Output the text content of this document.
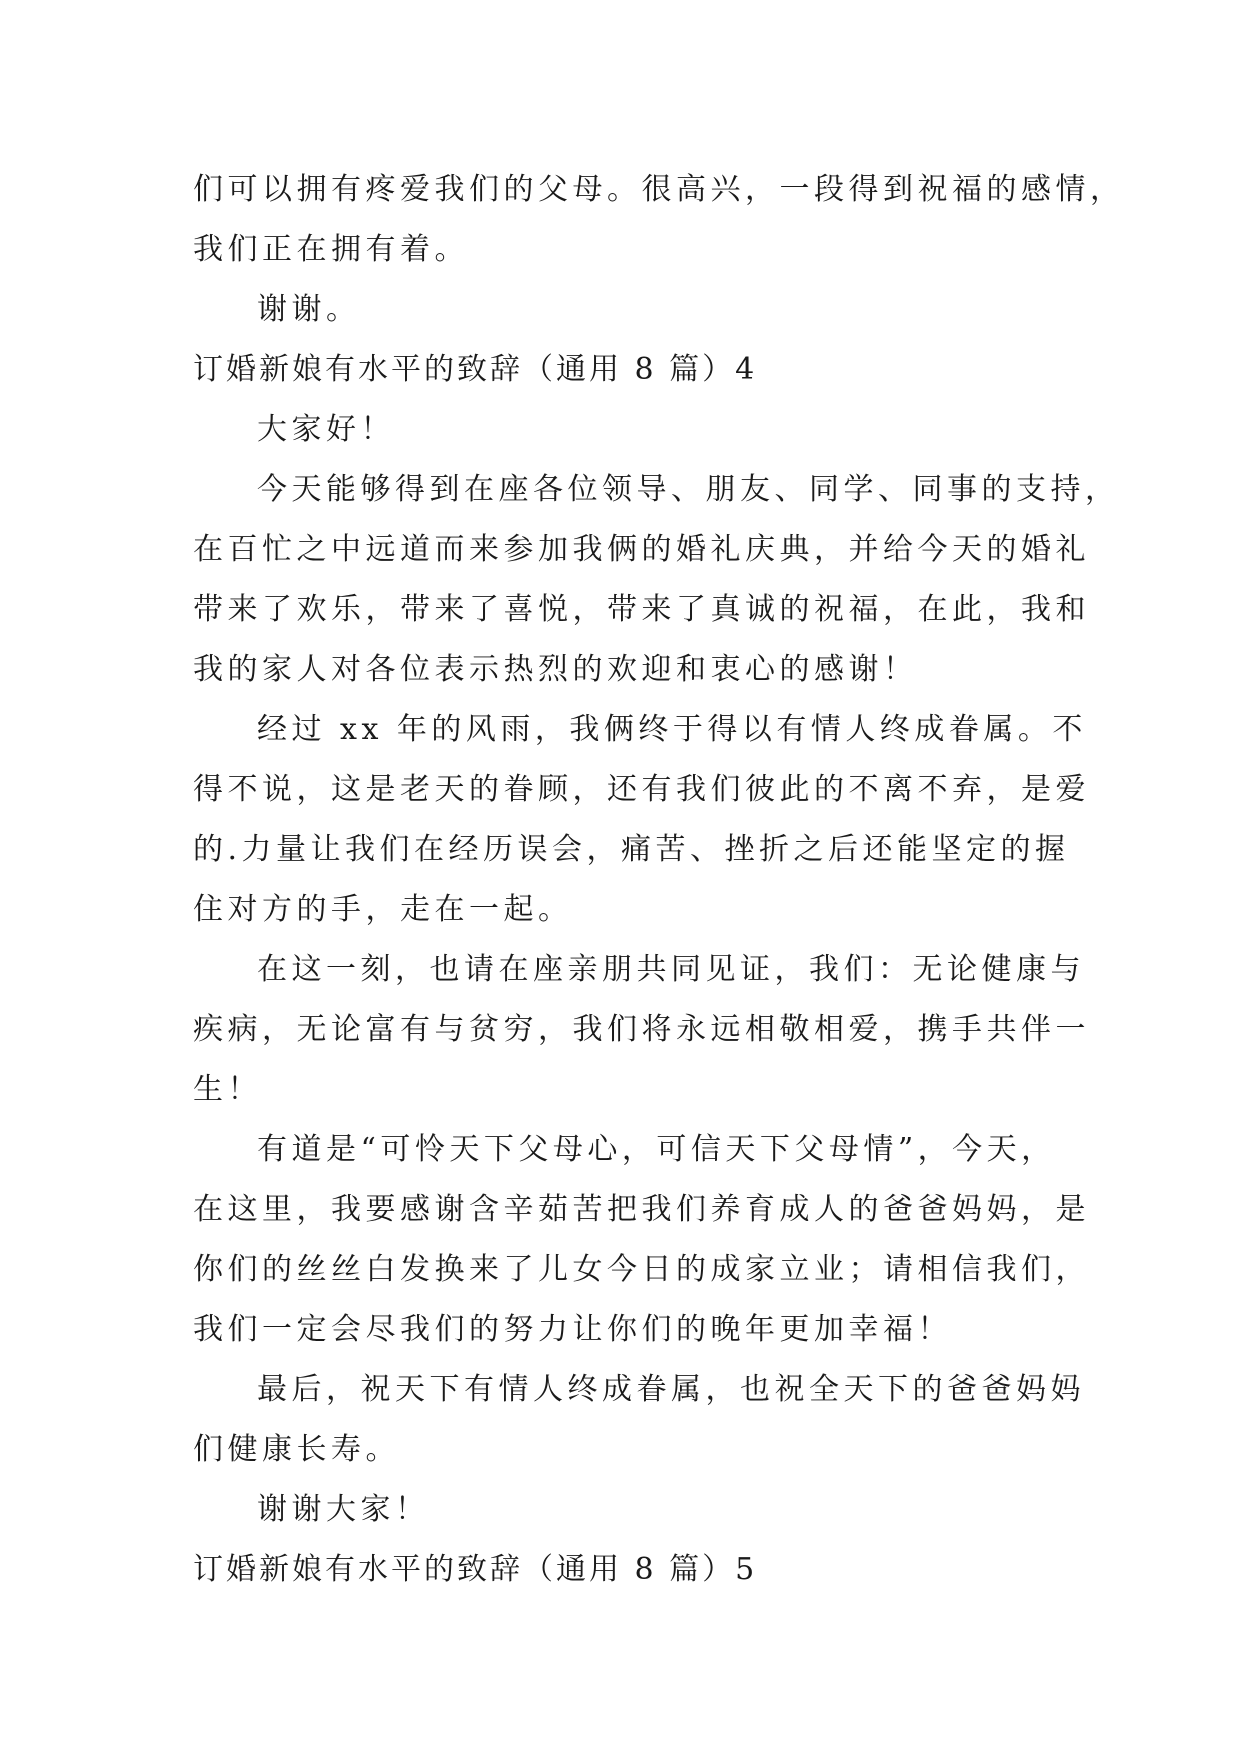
们可以拥有疼爱我们的父母。很高兴，一段得到祝福的感情，
我们正在拥有着。
谢谢。
订婚新娘有水平的致辞（通用 8 篇）4
大家好！
今天能够得到在座各位领导、朋友、同学、同事的支持，
在百忙之中远道而来参加我俩的婚礼庆典，并给今天的婚礼
带来了欢乐，带来了喜悦，带来了真诚的祝福，在此，我和
我的家人对各位表示热烈的欢迎和衷心的感谢！
经过 xx 年的风雨，我俩终于得以有情人终成眷属。不
得不说，这是老天的眷顾，还有我们彼此的不离不弃，是爱
的.力量让我们在经历误会，痛苦、挫折之后还能坚定的握
住对方的手，走在一起。
在这一刻，也请在座亲朋共同见证，我们：无论健康与
疾病，无论富有与贫穷，我们将永远相敬相爱，携手共伴一
生！
有道是“可怜天下父母心，可信天下父母情”，今天，
在这里，我要感谢含辛茹苦把我们养育成人的爸爸妈妈，是
你们的丝丝白发换来了儿女今日的成家立业；请相信我们，
我们一定会尽我们的努力让你们的晚年更加幸福！
最后，祝天下有情人终成眷属，也祝全天下的爸爸妈妈
们健康长寿。
谢谢大家！
订婚新娘有水平的致辞（通用 8 篇）5
